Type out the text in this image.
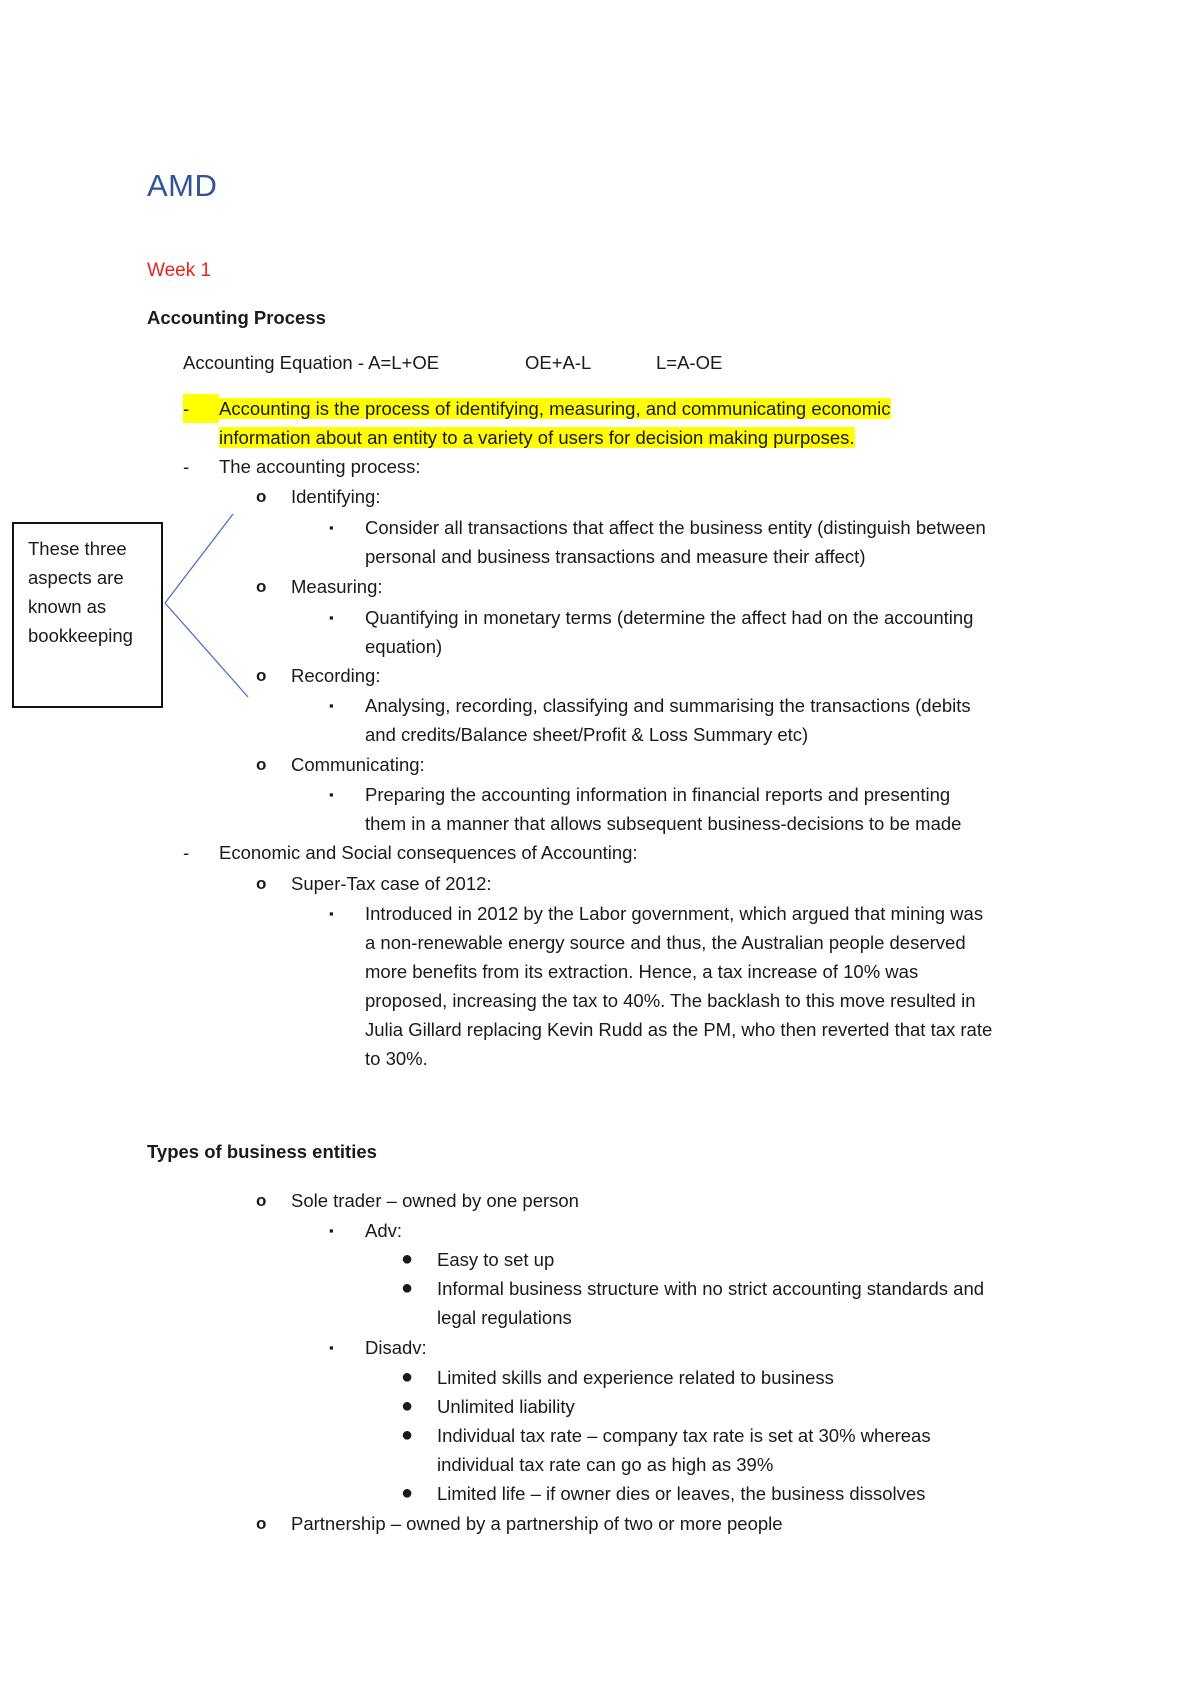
AMD
Week 1
Accounting Process
Accounting Equation - A=L+OE	OE+A-L	L=A-OE
-	Accounting is the process of identifying, measuring, and communicating economic
information about an entity to a variety of users for decision making purposes.
- The accounting process:
o Identifying:
▪ Consider all transactions that affect the business entity (distinguish between
personal and business transactions and measure their affect)
o Measuring:
▪ Quantifying in monetary terms (determine the affect had on the accounting
equation)
o Recording:
▪ Analysing, recording, classifying and summarising the transactions (debits
and credits/Balance sheet/Profit & Loss Summary etc)
o Communicating:
▪ Preparing the accounting information in financial reports and presenting
them in a manner that allows subsequent business-decisions to be made
- Economic and Social consequences of Accounting:
o Super-Tax case of 2012:
▪ Introduced in 2012 by the Labor government, which argued that mining was
a non-renewable energy source and thus, the Australian people deserved
more benefits from its extraction. Hence, a tax increase of 10% was
proposed, increasing the tax to 40%. The backlash to this move resulted in
Julia Gillard replacing Kevin Rudd as the PM, who then reverted that tax rate
to 30%.
Types of business entities
o Sole trader – owned by one person
▪ Adv:
● Easy to set up
● Informal business structure with no strict accounting standards and
legal regulations
▪ Disadv:
● Limited skills and experience related to business
● Unlimited liability
● Individual tax rate – company tax rate is set at 30% whereas
individual tax rate can go as high as 39%
● Limited life – if owner dies or leaves, the business dissolves
o Partnership – owned by a partnership of two or more people
These three
aspects are
known as
bookkeeping
